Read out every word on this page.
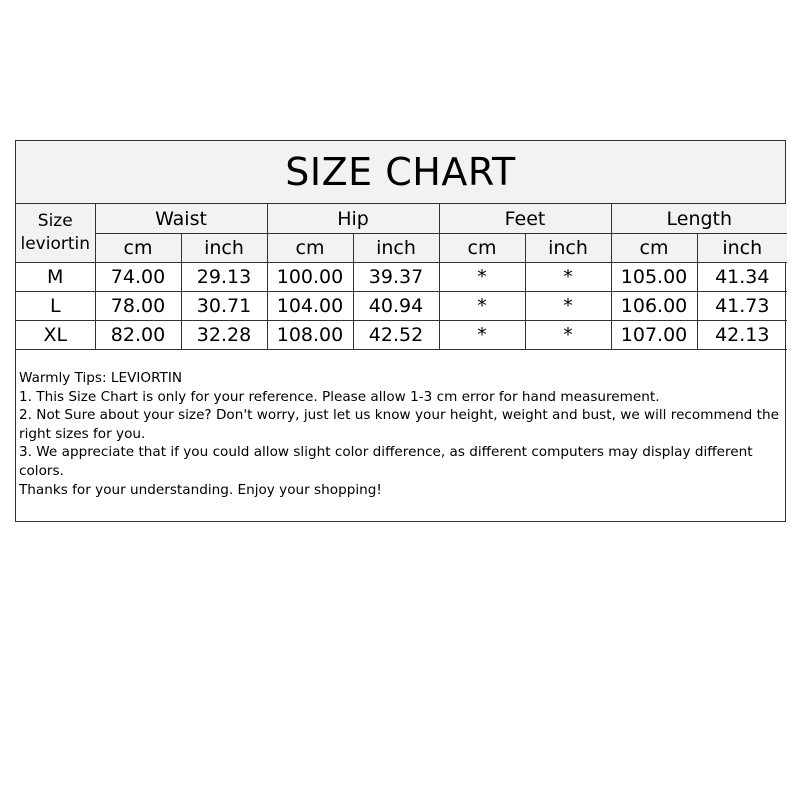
SIZE CHART
Size
leviortin	Waist		Hip		Feet		Length	
	cm	inch	cm	inch	cm	inch	cm	inch
M	74.00	29.13	100.00	39.37	*	*	105.00	41.34
L	78.00	30.71	104.00	40.94	*	*	106.00	41.73
XL	82.00	32.28	108.00	42.52	*	*	107.00	42.13

Warmly Tips: LEVIORTIN

1. This Size Chart is only for your reference. Please allow 1-3 cm error for hand measurement.

2. Not Sure about your size? Don't worry, just let us know your height, weight and bust, we will recommend the right sizes for you.

3. We appreciate that if you could allow slight color difference, as different computers may display different colors.

Thanks for your understanding. Enjoy your shopping!
